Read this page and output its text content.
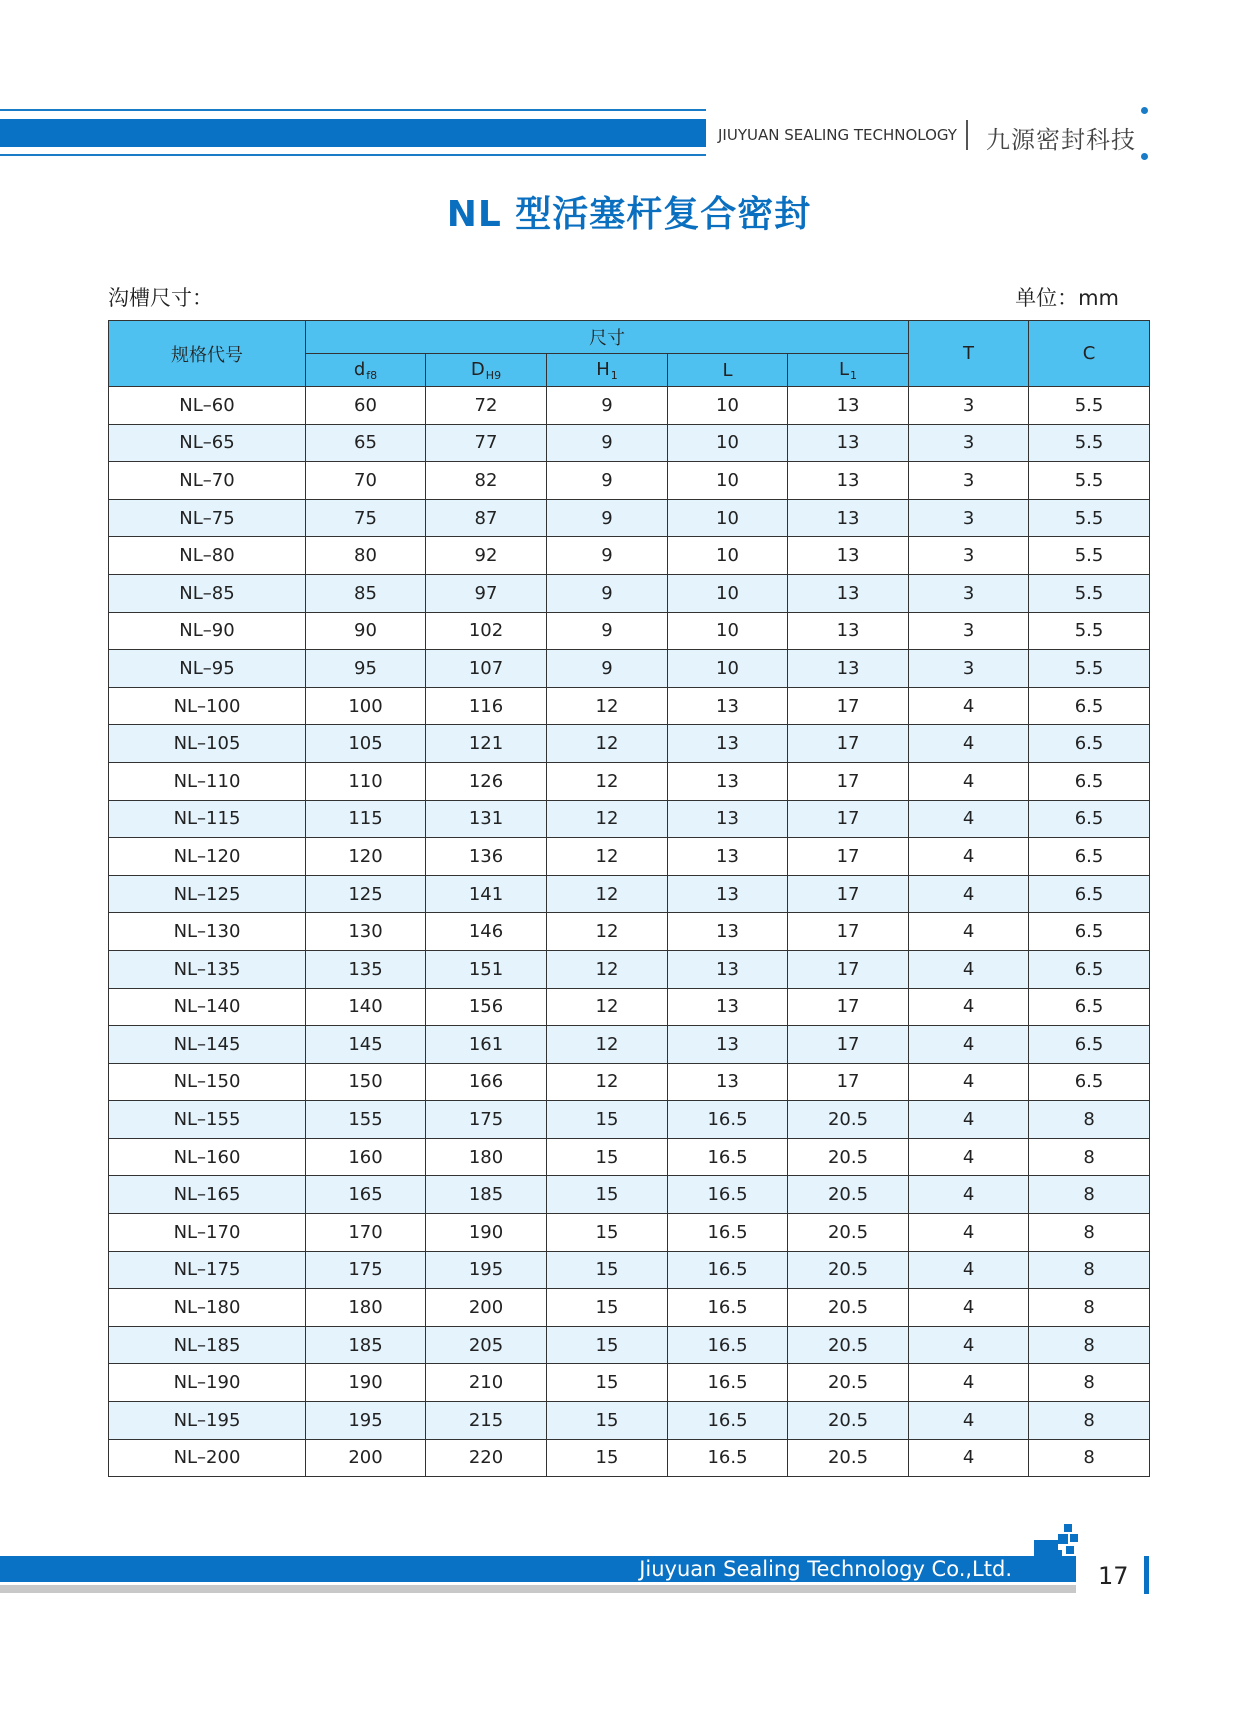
JIUYUAN SEALING TECHNOLOGY 九源密封科技
NL 型活塞杆复合密封
沟槽尺寸：	单位：mm
规格代号	尺寸					T	C
	$d_{f8}$	$D_{H9}$	$H_1$	L	$L_1$
NL–60	60	72	9	10	13	3	5.5
NL–65	65	77	9	10	13	3	5.5
NL–70	70	82	9	10	13	3	5.5
NL–75	75	87	9	10	13	3	5.5
NL–80	80	92	9	10	13	3	5.5
NL–85	85	97	9	10	13	3	5.5
NL–90	90	102	9	10	13	3	5.5
NL–95	95	107	9	10	13	3	5.5
NL–100	100	116	12	13	17	4	6.5
NL–105	105	121	12	13	17	4	6.5
NL–110	110	126	12	13	17	4	6.5
NL–115	115	131	12	13	17	4	6.5
NL–120	120	136	12	13	17	4	6.5
NL–125	125	141	12	13	17	4	6.5
NL–130	130	146	12	13	17	4	6.5
NL–135	135	151	12	13	17	4	6.5
NL–140	140	156	12	13	17	4	6.5
NL–145	145	161	12	13	17	4	6.5
NL–150	150	166	12	13	17	4	6.5
NL–155	155	175	15	16.5	20.5	4	8
NL–160	160	180	15	16.5	20.5	4	8
NL–165	165	185	15	16.5	20.5	4	8
NL–170	170	190	15	16.5	20.5	4	8
NL–175	175	195	15	16.5	20.5	4	8
NL–180	180	200	15	16.5	20.5	4	8
NL–185	185	205	15	16.5	20.5	4	8
NL–190	190	210	15	16.5	20.5	4	8
NL–195	195	215	15	16.5	20.5	4	8
NL–200	200	220	15	16.5	20.5	4	8
Jiuyuan Sealing Technology Co.,Ltd.	17
